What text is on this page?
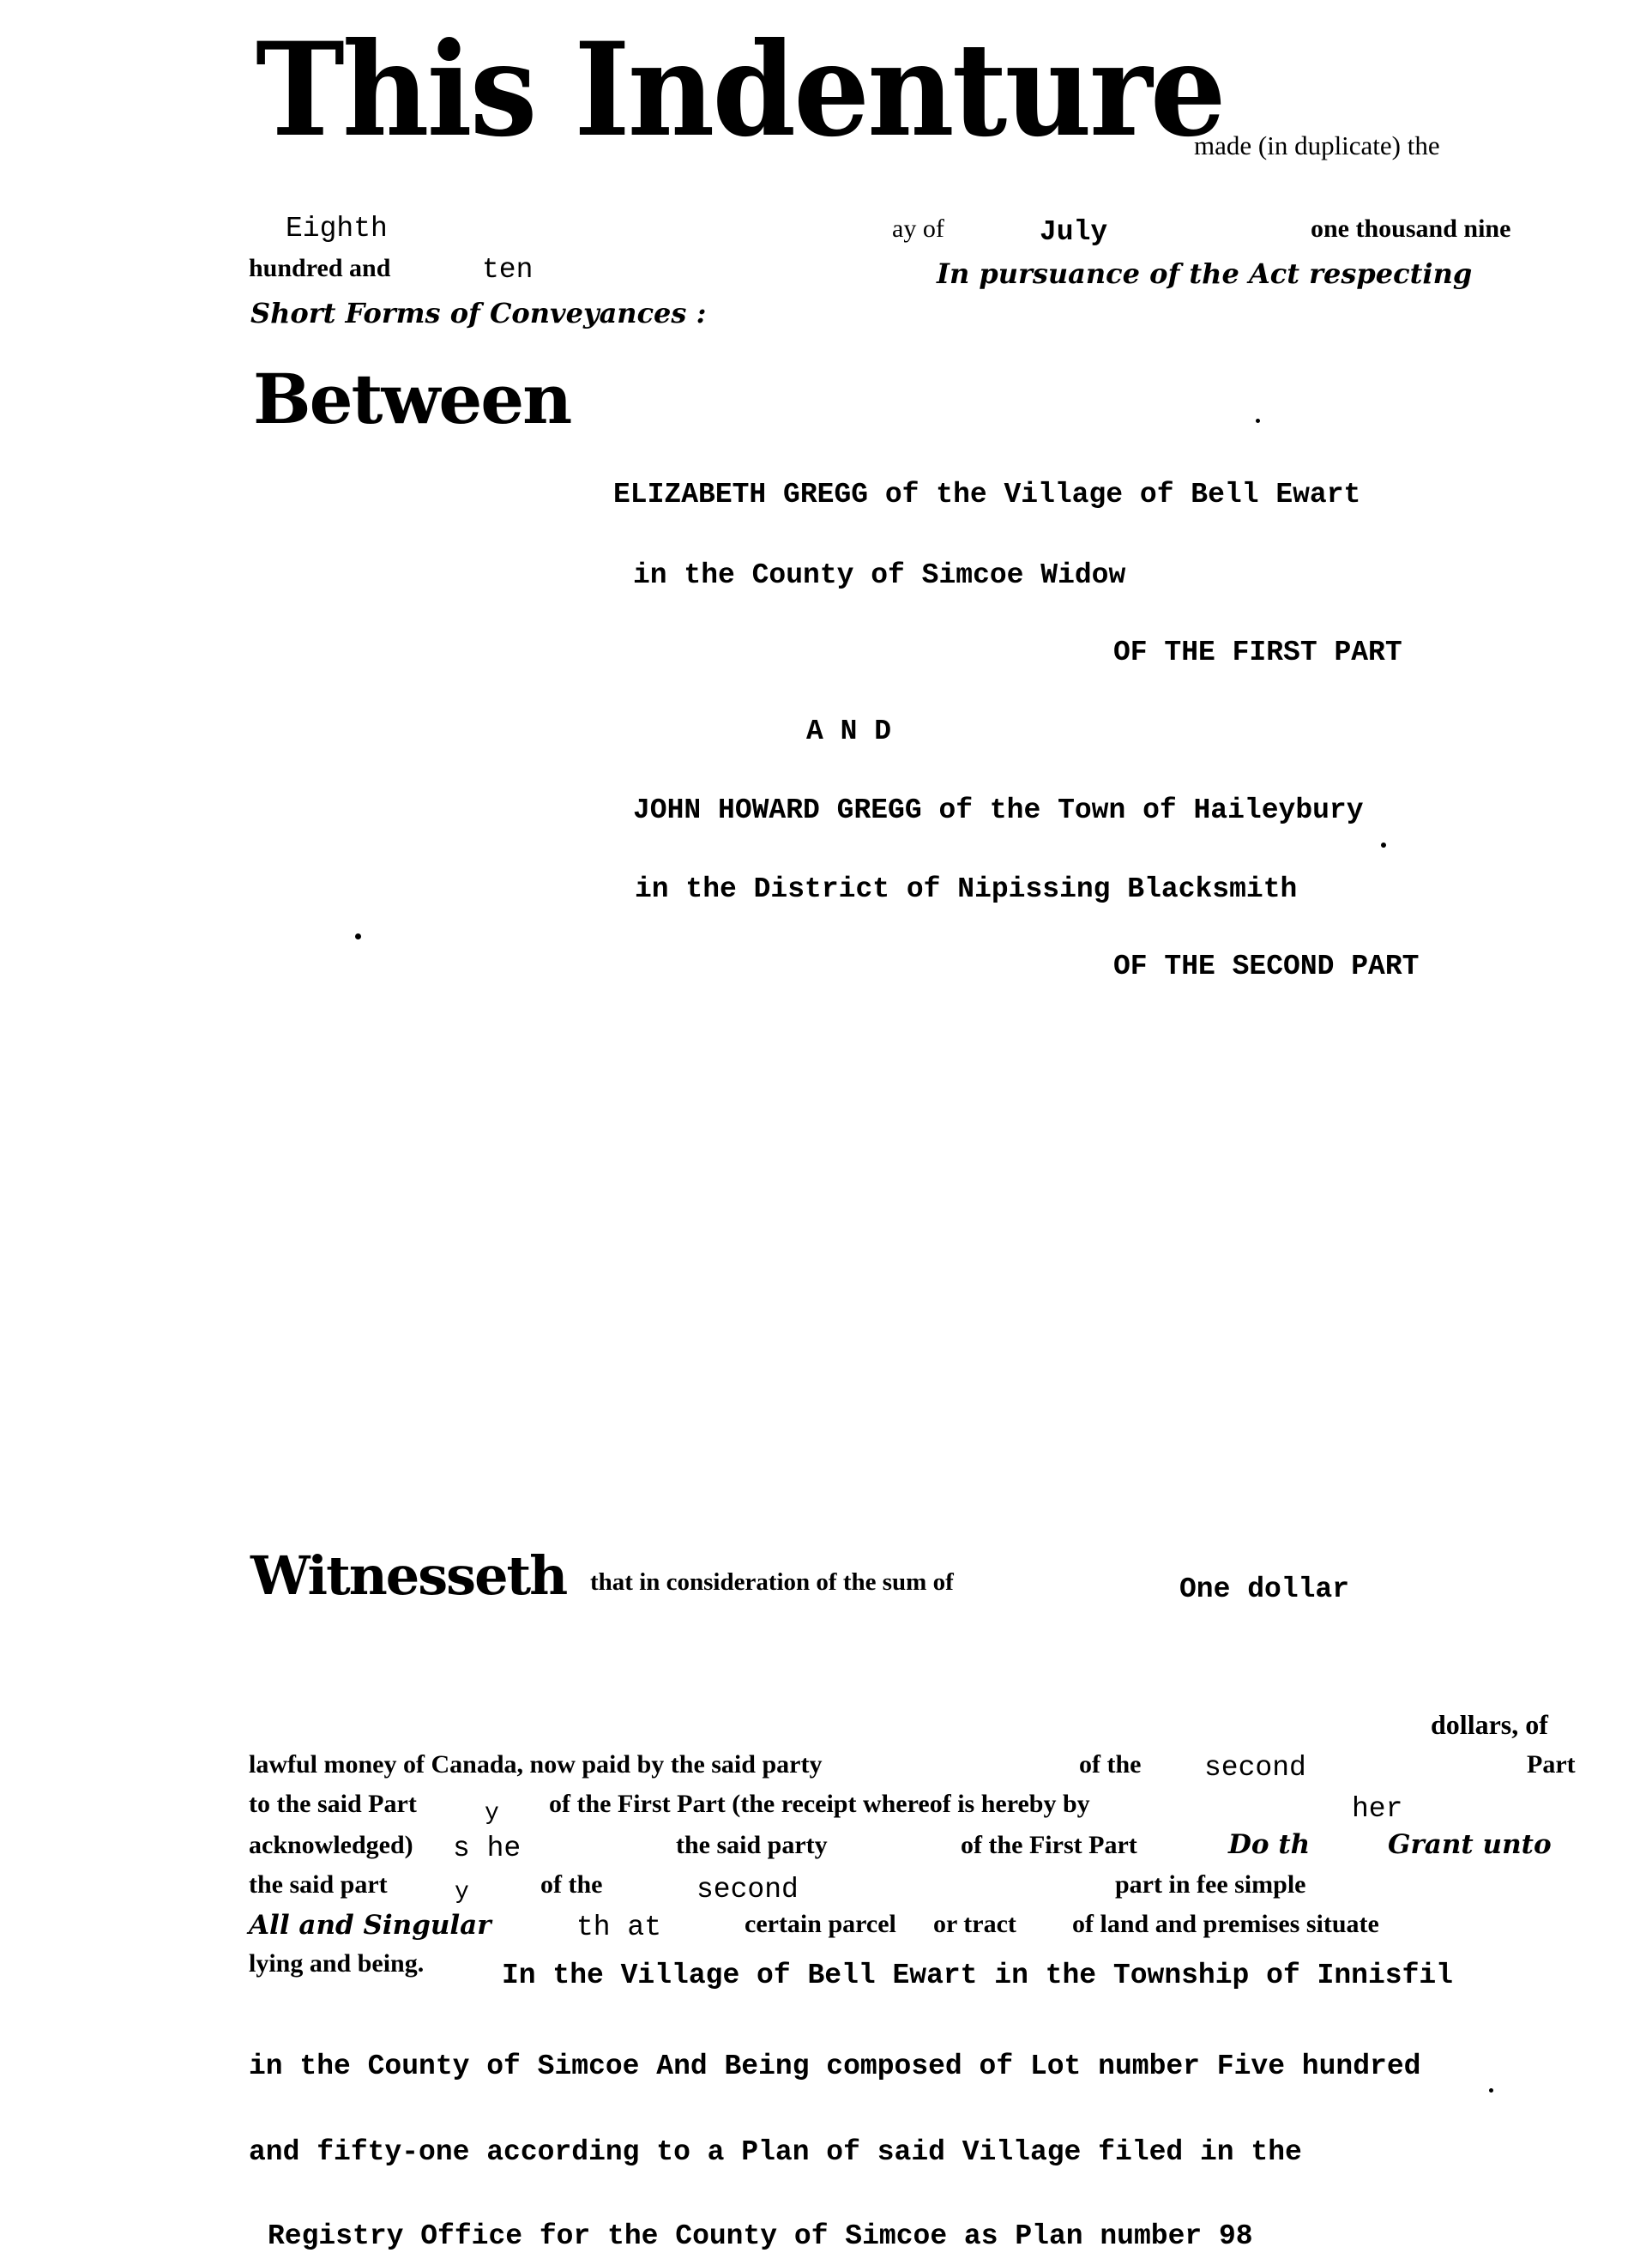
This Indenture
made (in duplicate) the
Eighth	ay of	July	one thousand nine
hundred and	ten	In pursuance of the Act respecting
Short Forms of Conveyances :
Between
ELIZABETH GREGG of the Village of Bell Ewart
in the County of Simcoe Widow
OF THE FIRST PART
A N D
JOHN HOWARD GREGG of the Town of Haileybury
in the District of Nipissing Blacksmith
OF THE SECOND PART
Witnesseth that in consideration of the sum of	One dollar
dollars, of
lawful money of Canada, now paid by the said party	of the second	Part
to the said Part	y of the First Part (the receipt whereof is hereby by	her
acknowledged) s he	the said party	of the First Part	Do th	Grant unto
the said part	y	of the	second	part in fee simple
All and Singular	th at	certain parcel or tract of land and premises situate
lying and being.	In the Village of Bell Ewart in the Township of Innisfil
in the County of Simcoe And Being composed of Lot number Five hundred
and fifty-one according to a Plan of said Village filed in the
Registry Office for the County of Simcoe as Plan number 98
